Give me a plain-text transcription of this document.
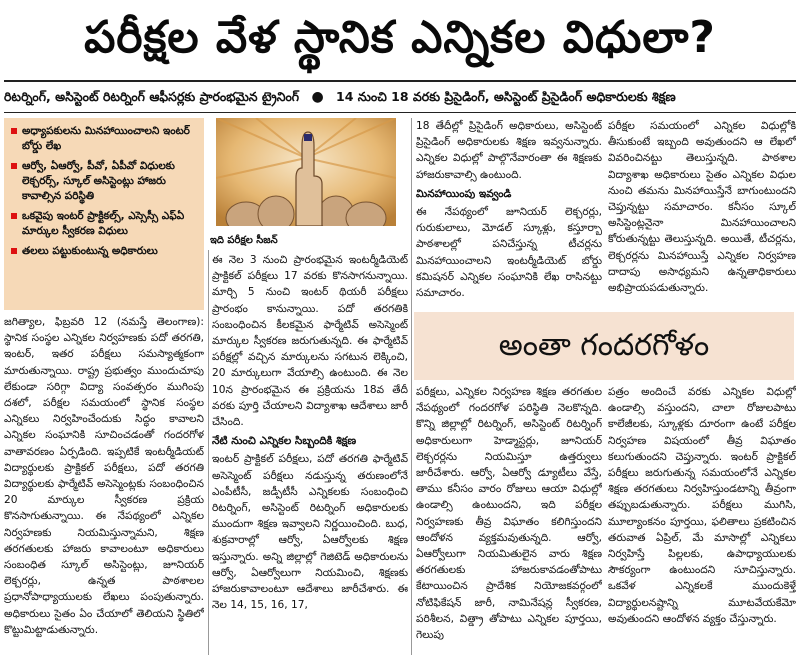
పరీక్షల వేళ స్థానిక ఎన్నికల విధులా?
రిటర్నింగ్, అసిస్టెంట్ రిటర్నింగ్ ఆఫీసర్లకు ప్రారంభమైన ట్రైనింగ్ ● 14 నుంచి 18 వరకు ప్రిసైడింగ్, అసిస్టెంట్ ప్రిసైడింగ్ అధికారులకు శిక్షణ
అధ్యాపకులను మినహాయించాలని ఇంటర్ బోర్డు లేఖ
ఆర్వో, ఏఆర్వో, పీవో, ఏపీవో విధులకు లెక్చరర్స్, స్కూల్ అసిస్టెంట్లు హాజరు కావాల్సిన పరిస్థితి
ఒకవైపు ఇంటర్ ప్రాక్టికల్స్, ఎస్సెస్సీ ఎఫ్ఏ మార్కుల స్వీకరణ విధులు
తలలు పట్టుకుంటున్న అధికారులు
ఇది పరీక్షల సీజన్

జగిత్యాల, ఫిబ్రవరి 12 (నమస్తే తెలంగాణ): స్థానిక సంస్థల ఎన్నికల నిర్వహణకు పదో తరగతి, ఇంటర్, ఇతర పరీక్షలు సమస్యాత్మకంగా మారుతున్నాయి. రాష్ట్ర ప్రభుత్వం ముందుచూపు లేకుండా సరిగ్గా విద్యా సంవత్సరం ముగింపు దశలో, పరీక్షల సమయంలో స్థానిక సంస్థల ఎన్నికలు నిర్వహించేందుకు సిద్ధం కావాలని ఎన్నికల సంఘానికి సూచించడంతో గందరగోళ వాతావరణం ఏర్పడింది. ఇప్పటికే ఇంటర్మీడియట్ విద్యార్థులకు ప్రాక్టికల్ పరీక్షలు, పదో తరగతి విద్యార్థులకు ఫార్మేటివ్ అసెస్మెంట్లకు సంబంధించిన 20 మార్కుల స్వీకరణ ప్రక్రియ కొనసాగుతున్నాయి. ఈ నేపథ్యంలో ఎన్నికల నిర్వహణకు నియమిస్తున్నామని, శిక్షణ తరగతులకు హాజరు కావాలంటూ అధికారులు సంబంధిత స్కూల్ అసిస్టెంట్లు, జూనియర్ లెక్చరర్లు, ఉన్నత పాఠశాలల ప్రధానోపాధ్యాయులకు లేఖలు పంపుతున్నారు. అధికారులు సైతం ఏం చేయాలో తెలియని స్థితిలో కొట్టుమిట్టాడుతున్నారు.

ఈ నెల 3 నుంచి ప్రారంభమైన ఇంటర్మీడియెట్ ప్రాక్టికల్ పరీక్షలు 17 వరకు కొనసాగనున్నాయి. మార్చి 5 నుంచి ఇంటర్ థియరీ పరీక్షలు ప్రారంభం కానున్నాయి. పదో తరగతికి సంబంధించిన కీలకమైన ఫార్మేటివ్ అసెస్మెంట్ మార్కుల స్వీకరణ జరుగుతున్నది. ఈ ఫార్మేటివ్ పరీక్షల్లో వచ్చిన మార్కులను సగటున లెక్కించి, 20 మార్కులుగా వేయాల్సి ఉంటుంది. ఈ నెల 10న ప్రారంభమైన ఈ ప్రక్రియను 18వ తేదీ వరకు పూర్తి చేయాలని విద్యాశాఖ ఆదేశాలు జారీ చేసింది.

నేటి నుంచి ఎన్నికల సిబ్బందికి శిక్షణ

ఇంటర్ ప్రాక్టికల్ పరీక్షలు, పదో తరగతి ఫార్మేటివ్ అసెస్మెంట్ పరీక్షలు నడుస్తున్న తరుణంలోనే ఎంపీటీసీ, జడ్పీటీసీ ఎన్నికలకు సంబంధించి రిటర్నింగ్, అసిస్టెంట్ రిటర్నింగ్ అధికారులకు ముందుగా శిక్షణ ఇవ్వాలని నిర్ణయించింది. బుధ, శుక్రవారాల్లో ఆర్వో, ఏఆర్వోలకు శిక్షణ ఇస్తున్నారు. అన్ని జిల్లాల్లో గెజిటెడ్ అధికారులను ఆర్వో, ఏఆర్వోలుగా నియమించి, శిక్షణకు హాజరుకావాలంటూ ఆదేశాలు జారీచేశారు. ఈ నెల 14, 15, 16, 17,

18 తేదీల్లో ప్రిసైడింగ్ అధికారులు, అసిస్టెంట్ ప్రిసైడింగ్ అధికారులకు శిక్షణ ఇవ్వనున్నారు. ఎన్నికల విధుల్లో పాల్గొనేవారంతా ఈ శిక్షణకు హాజరుకావాల్సి ఉంటుంది.

మినహాయింపు ఇవ్వండి

ఈ నేపథ్యంలో జూనియర్ లెక్చరర్లు, గురుకులాలు, మోడల్ స్కూళ్లు, కస్తూర్బా పాఠశాలల్లో పనిచేస్తున్న టీచర్లను మినహాయించాలని ఇంటర్మీడియెట్ బోర్డు కమిషనర్ ఎన్నికల సంఘానికి లేఖ రాసినట్టు సమాచారం.

పరీక్షల సమయంలో ఎన్నికల విధుల్లోకి తీసుకుంటే ఇబ్బంది అవుతుందని ఆ లేఖలో వివరించినట్టు తెలుస్తున్నది. పాఠశాల విద్యాశాఖ అధికారులు సైతం ఎన్నికల విధుల నుంచి తమను మినహాయిస్తేనే బాగుంటుందని చెప్తున్నట్టు సమాచారం. కనీసం స్కూల్ అసిస్టెంట్లనైనా మినహాయించాలని కోరుతున్నట్టు తెలుస్తున్నది. అయితే, టీచర్లను, లెక్చరర్లను మినహాయిస్తే ఎన్నికల నిర్వహణ దాదాపు అసాధ్యమని ఉన్నతాధికారులు అభిప్రాయపడుతున్నారు.

అంతా గందరగోళం

పరీక్షలు, ఎన్నికల నిర్వహణ శిక్షణ తరగతుల నేపథ్యంలో గందరగోళ పరిస్థితి నెలకొన్నది. కొన్ని జిల్లాల్లో రిటర్నింగ్, అసిస్టెంట్ రిటర్నింగ్ అధికారులుగా హెడ్మాస్టర్లు, జూనియర్ లెక్చరర్లను నియమిస్తూ ఉత్తర్వులు జారీచేశారు. ఆర్వో, ఏఆర్వో డ్యూటీలు వేస్తే, తాము కనీసం వారం రోజులు ఆయా విధుల్లో ఉండాల్సి ఉంటుందని, ఇది పరీక్షల నిర్వహణకు తీవ్ర విఘాతం కలిగిస్తుందని ఆందోళన వ్యక్తమవుతున్నది. ఆర్వో, ఏఆర్వోలుగా నియమితులైన వారు శిక్షణ తరగతులకు హాజరుకావడంతోపాటు కేటాయించిన ప్రాదేశిక నియోజకవర్గంలో నోటిఫికేషన్ జారీ, నామినేషన్ల స్వీకరణ, పరిశీలన, విత్డ్రా తోపాటు ఎన్నికల పూర్తయి, గెలుపు

పత్రం అందించే వరకు ఎన్నికల విధుల్లో ఉండాల్సి వస్తుందని, చాలా రోజులపాటు కాలేజీలకు, స్కూళ్లకు దూరంగా ఉంటే పరీక్షల నిర్వహణ విషయంలో తీవ్ర విఘాతం కలుగుతుందని చెప్తున్నారు. ఇంటర్ ప్రాక్టికల్ పరీక్షలు జరుగుతున్న సమయంలోనే ఎన్నికల శిక్షణ తరగతులు నిర్వహిస్తుండటాన్ని తీవ్రంగా తప్పుబడుతున్నారు. పరీక్షలు ముగిసి, మూల్యాంకనం పూర్తయి, ఫలితాలు ప్రకటించిన తరువాత ఏప్రిల్, మే మాసాల్లో ఎన్నికలు నిర్వహిస్తే పిల్లలకు, ఉపాధ్యాయులకు సౌకర్యంగా ఉంటుందని సూచిస్తున్నారు. ఒకవేళ ఎన్నికలకే ముందుకెళ్తే విద్యార్థులనష్టాన్ని మూటవేయకేమో అవుతుందని ఆందోళన వ్యక్తం చేస్తున్నారు.
